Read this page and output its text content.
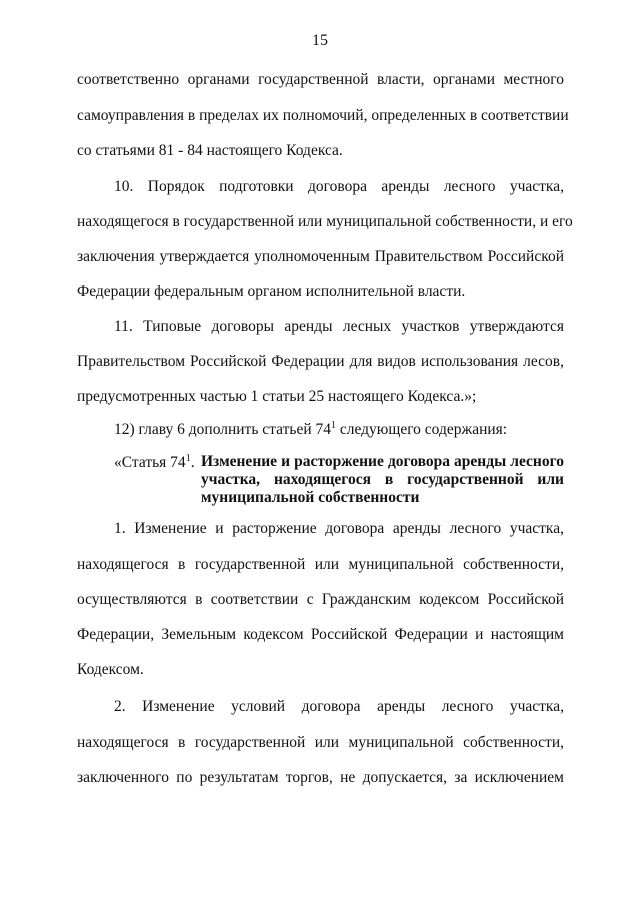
15
соответственно органами государственной власти, органами местного
самоуправления в пределах их полномочий, определенных в соответствии
со статьями 81 - 84 настоящего Кодекса.
10. Порядок подготовки договора аренды лесного участка,
находящегося в государственной или муниципальной собственности, и его
заключения утверждается уполномоченным Правительством Российской
Федерации федеральным органом исполнительной власти.
11. Типовые договоры аренды лесных участков утверждаются
Правительством Российской Федерации для видов использования лесов,
предусмотренных частью 1 статьи 25 настоящего Кодекса.»;
12) главу 6 дополнить статьей $74^1$ следующего содержания:
«Статья $74^1$. Изменение и расторжение договора аренды лесного
участка, находящегося в государственной или
муниципальной собственности
1. Изменение и расторжение договора аренды лесного участка,
находящегося в государственной или муниципальной собственности,
осуществляются в соответствии с Гражданским кодексом Российской
Федерации, Земельным кодексом Российской Федерации и настоящим
Кодексом.
2. Изменение условий договора аренды лесного участка,
находящегося в государственной или муниципальной собственности,
заключенного по результатам торгов, не допускается, за исключением
